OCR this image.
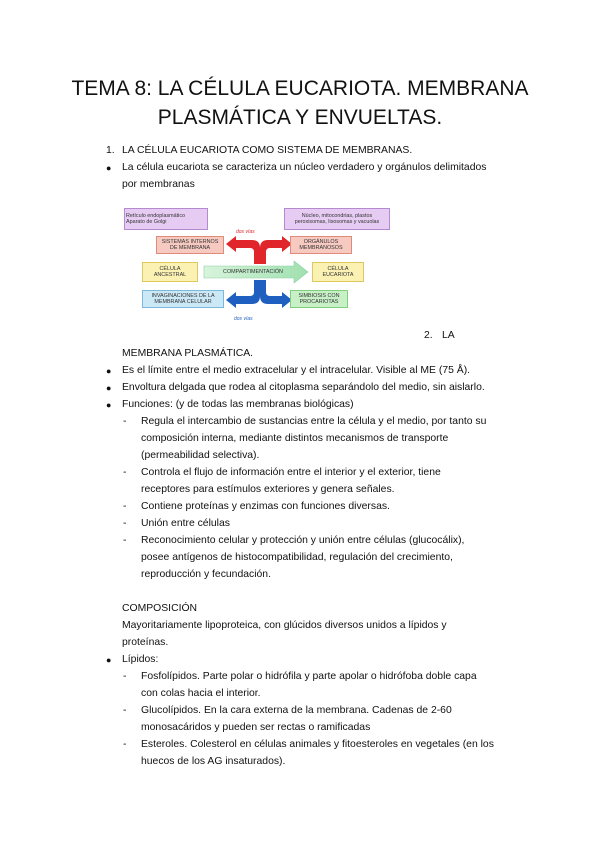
TEMA 8: LA CÉLULA EUCARIOTA. MEMBRANA
PLASMÁTICA Y ENVUELTAS.
1. LA CÉLULA EUCARIOTA COMO SISTEMA DE MEMBRANAS.
● La célula eucariota se caracteriza un núcleo verdadero y orgánulos delimitados
por membranas
Retículo endoplasmático
Aparato de Golgi
Núcleo, mitocondrias, plastos
peroxisomas, lisosomas y vacuolas
dos vías
SISTEMAS INTERNOS
DE MEMBRANA
ORGÁNULOS
MEMBRANOSOS
CÉLULA
ANCESTRAL
COMPARTIMENTACIÓN
CÉLULA
EUCARIOTA
INVAGINACIONES DE LA
MEMBRANA CELULAR
SIMBIOSIS CON
PROCARIOTAS
dos vías
2. LA
MEMBRANA PLASMÁTICA.
● Es el límite entre el medio extracelular y el intracelular. Visible al ME (75 Å).
● Envoltura delgada que rodea al citoplasma separándolo del medio, sin aislarlo.
● Funciones: (y de todas las membranas biológicas)
- Regula el intercambio de sustancias entre la célula y el medio, por tanto su
composición interna, mediante distintos mecanismos de transporte
(permeabilidad selectiva).
- Controla el flujo de información entre el interior y el exterior, tiene
receptores para estímulos exteriores y genera señales.
- Contiene proteínas y enzimas con funciones diversas.
- Unión entre células
- Reconocimiento celular y protección y unión entre células (glucocálix),
posee antígenos de histocompatibilidad, regulación del crecimiento,
reproducción y fecundación.
COMPOSICIÓN
Mayoritariamente lipoproteica, con glúcidos diversos unidos a lípidos y
proteínas.
● Lípidos:
- Fosfolípidos. Parte polar o hidrófila y parte apolar o hidrófoba doble capa
con colas hacia el interior.
- Glucolípidos. En la cara externa de la membrana. Cadenas de 2-60
monosacáridos y pueden ser rectas o ramificadas
- Esteroles. Colesterol en células animales y fitoesteroles en vegetales (en los
huecos de los AG insaturados).
